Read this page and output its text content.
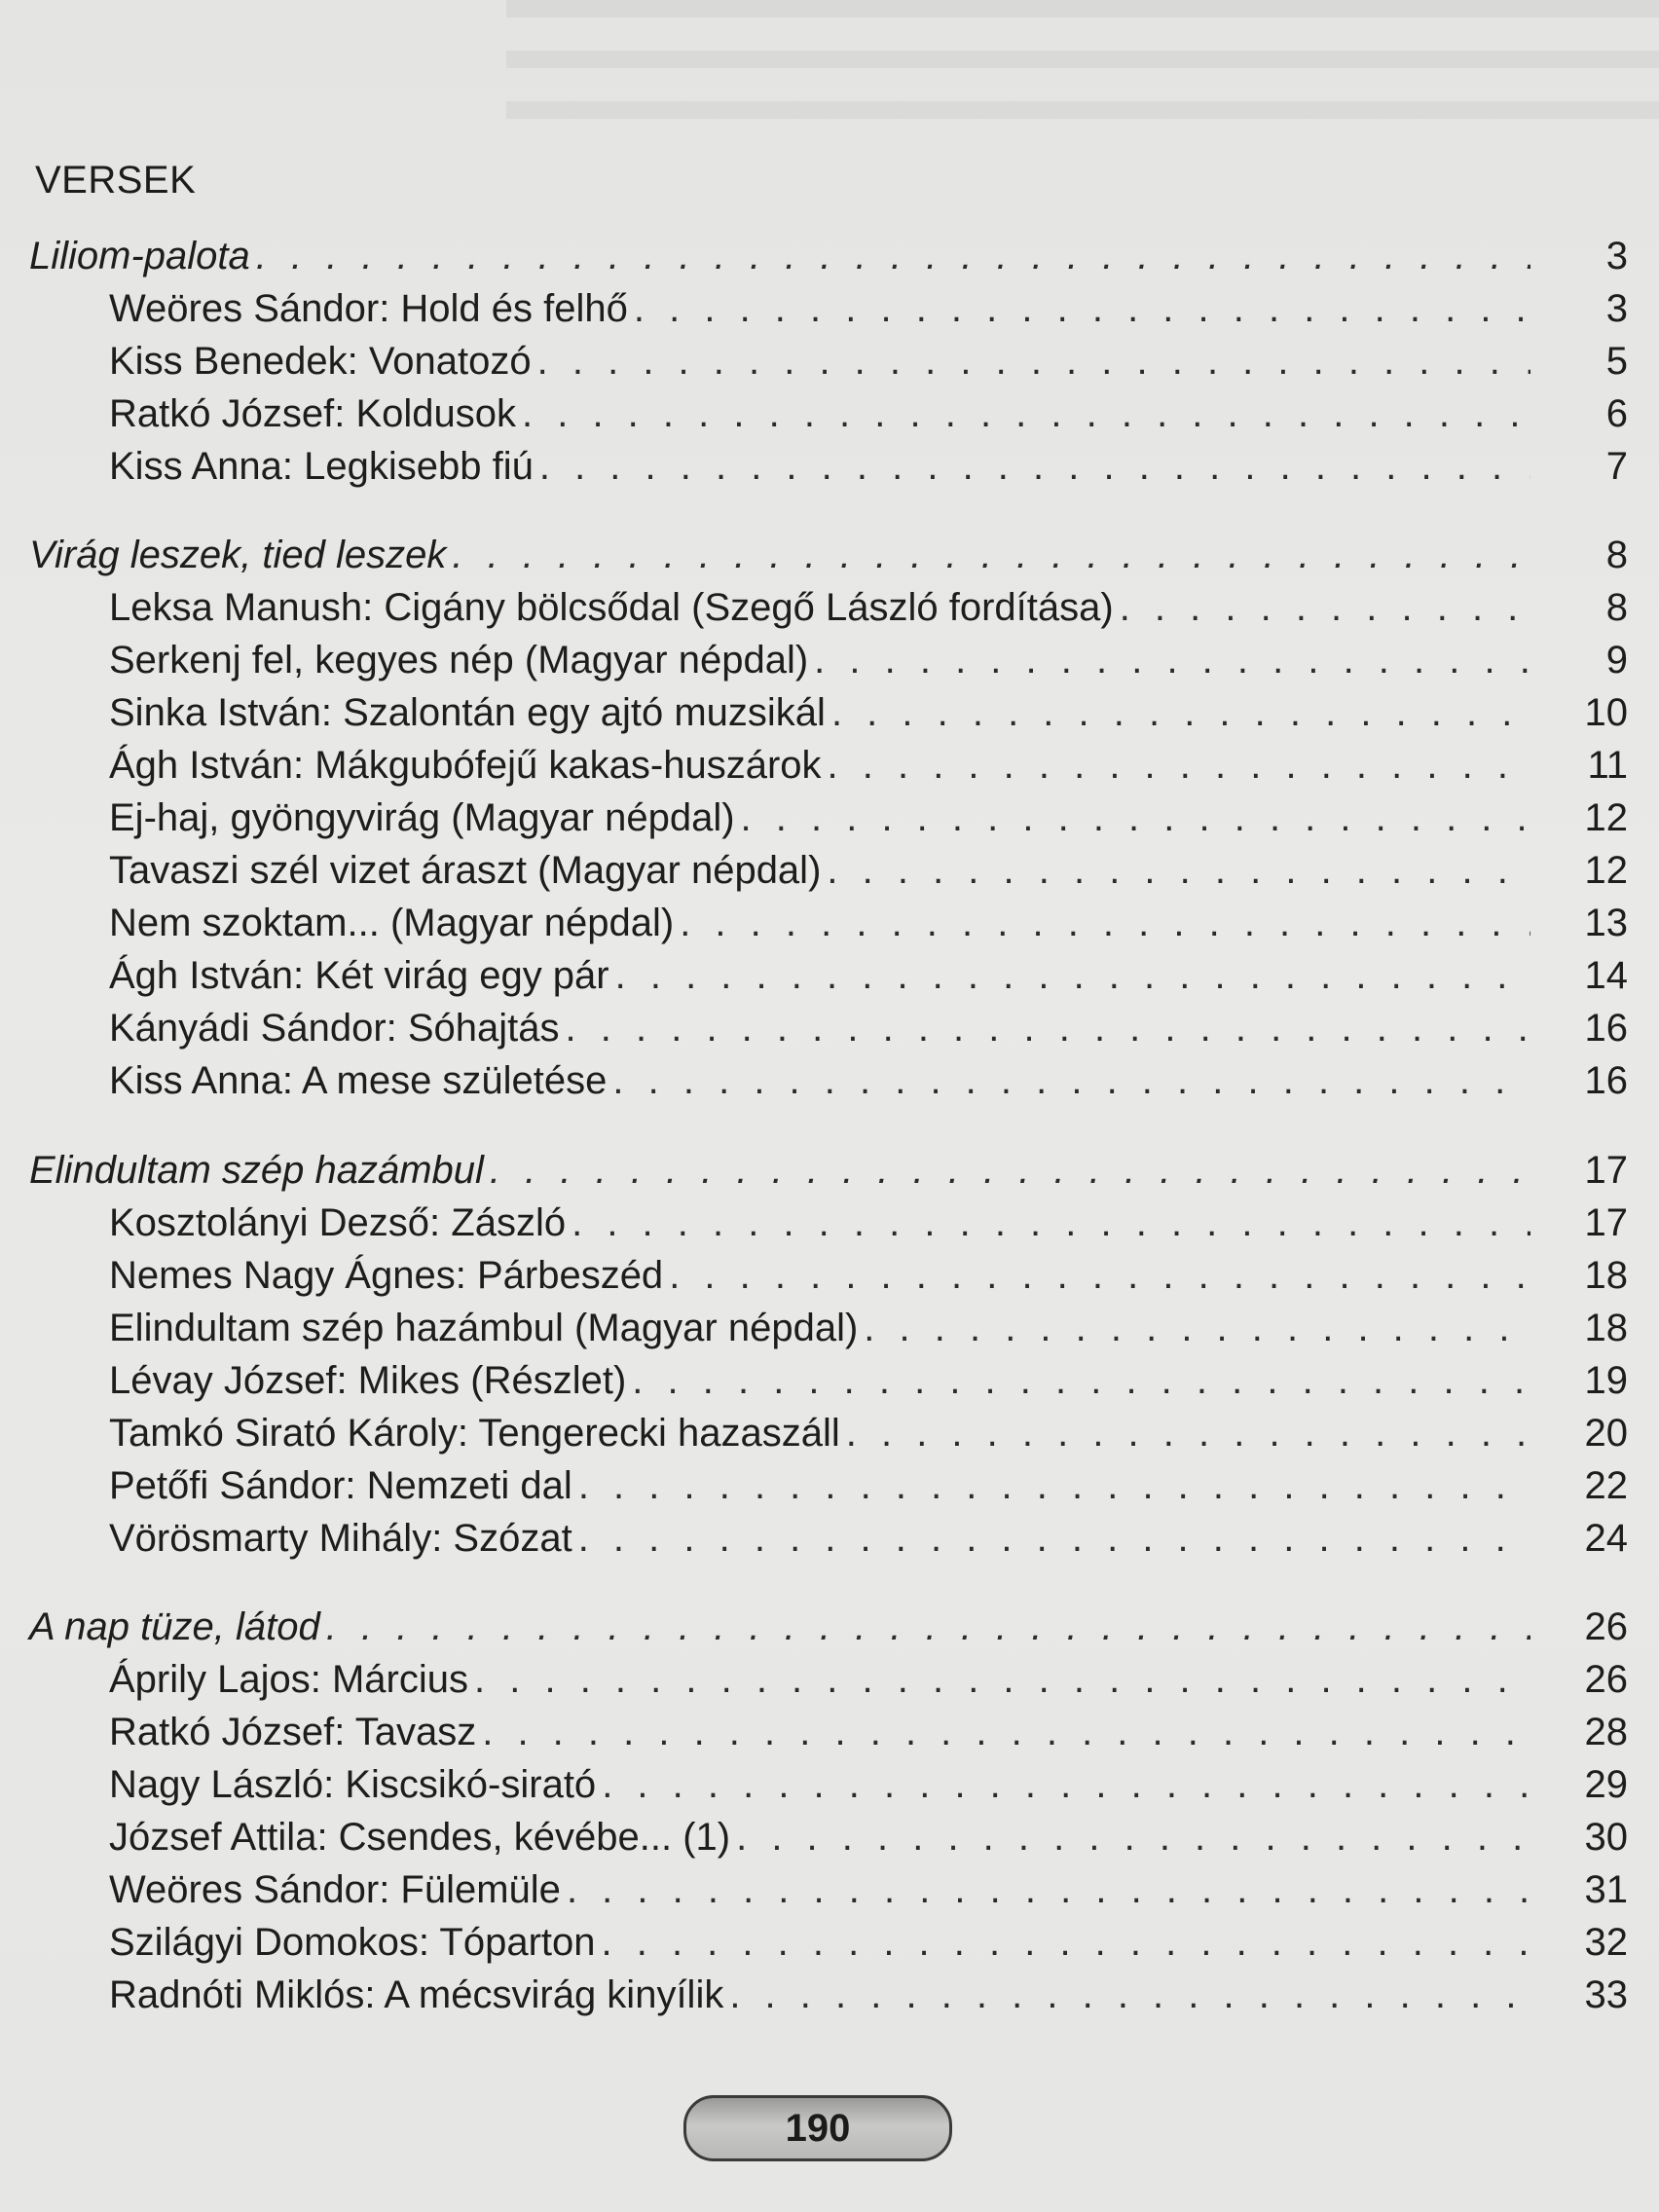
VERSEK
Liliom-palota . . .	3
Weöres Sándor: Hold és felhő . . .	3
Kiss Benedek: Vonatozó . . .	5
Ratkó József: Koldusok . . .	6
Kiss Anna: Legkisebb fiú . . .	7
Virág leszek, tied leszek . . .	8
Leksa Manush: Cigány bölcsődal (Szegő László fordítása) . . .	8
Serkenj fel, kegyes nép (Magyar népdal) . . .	9
Sinka István: Szalontán egy ajtó muzsikál . . .	10
Ágh István: Mákgubófejű kakas-huszárok . . .	11
Ej-haj, gyöngyvirág (Magyar népdal) . . .	12
Tavaszi szél vizet áraszt (Magyar népdal) . . .	12
Nem szoktam... (Magyar népdal) . . .	13
Ágh István: Két virág egy pár . . .	14
Kányádi Sándor: Sóhajtás . . .	16
Kiss Anna: A mese születése . . .	16
Elindultam szép hazámbul . . .	17
Kosztolányi Dezső: Zászló . . .	17
Nemes Nagy Ágnes: Párbeszéd . . .	18
Elindultam szép hazámbul (Magyar népdal) . . .	18
Lévay József: Mikes (Részlet) . . .	19
Tamkó Sirató Károly: Tengerecki hazaszáll . . .	20
Petőfi Sándor: Nemzeti dal . . .	22
Vörösmarty Mihály: Szózat . . .	24
A nap tüze, látod . . .	26
Áprily Lajos: Március . . .	26
Ratkó József: Tavasz . . .	28
Nagy László: Kiscsikó-sirató . . .	29
József Attila: Csendes, kévébe... (1) . . .	30
Weöres Sándor: Fülemüle . . .	31
Szilágyi Domokos: Tóparton . . .	32
Radnóti Miklós: A mécsvirág kinyílik . . .	33
190
